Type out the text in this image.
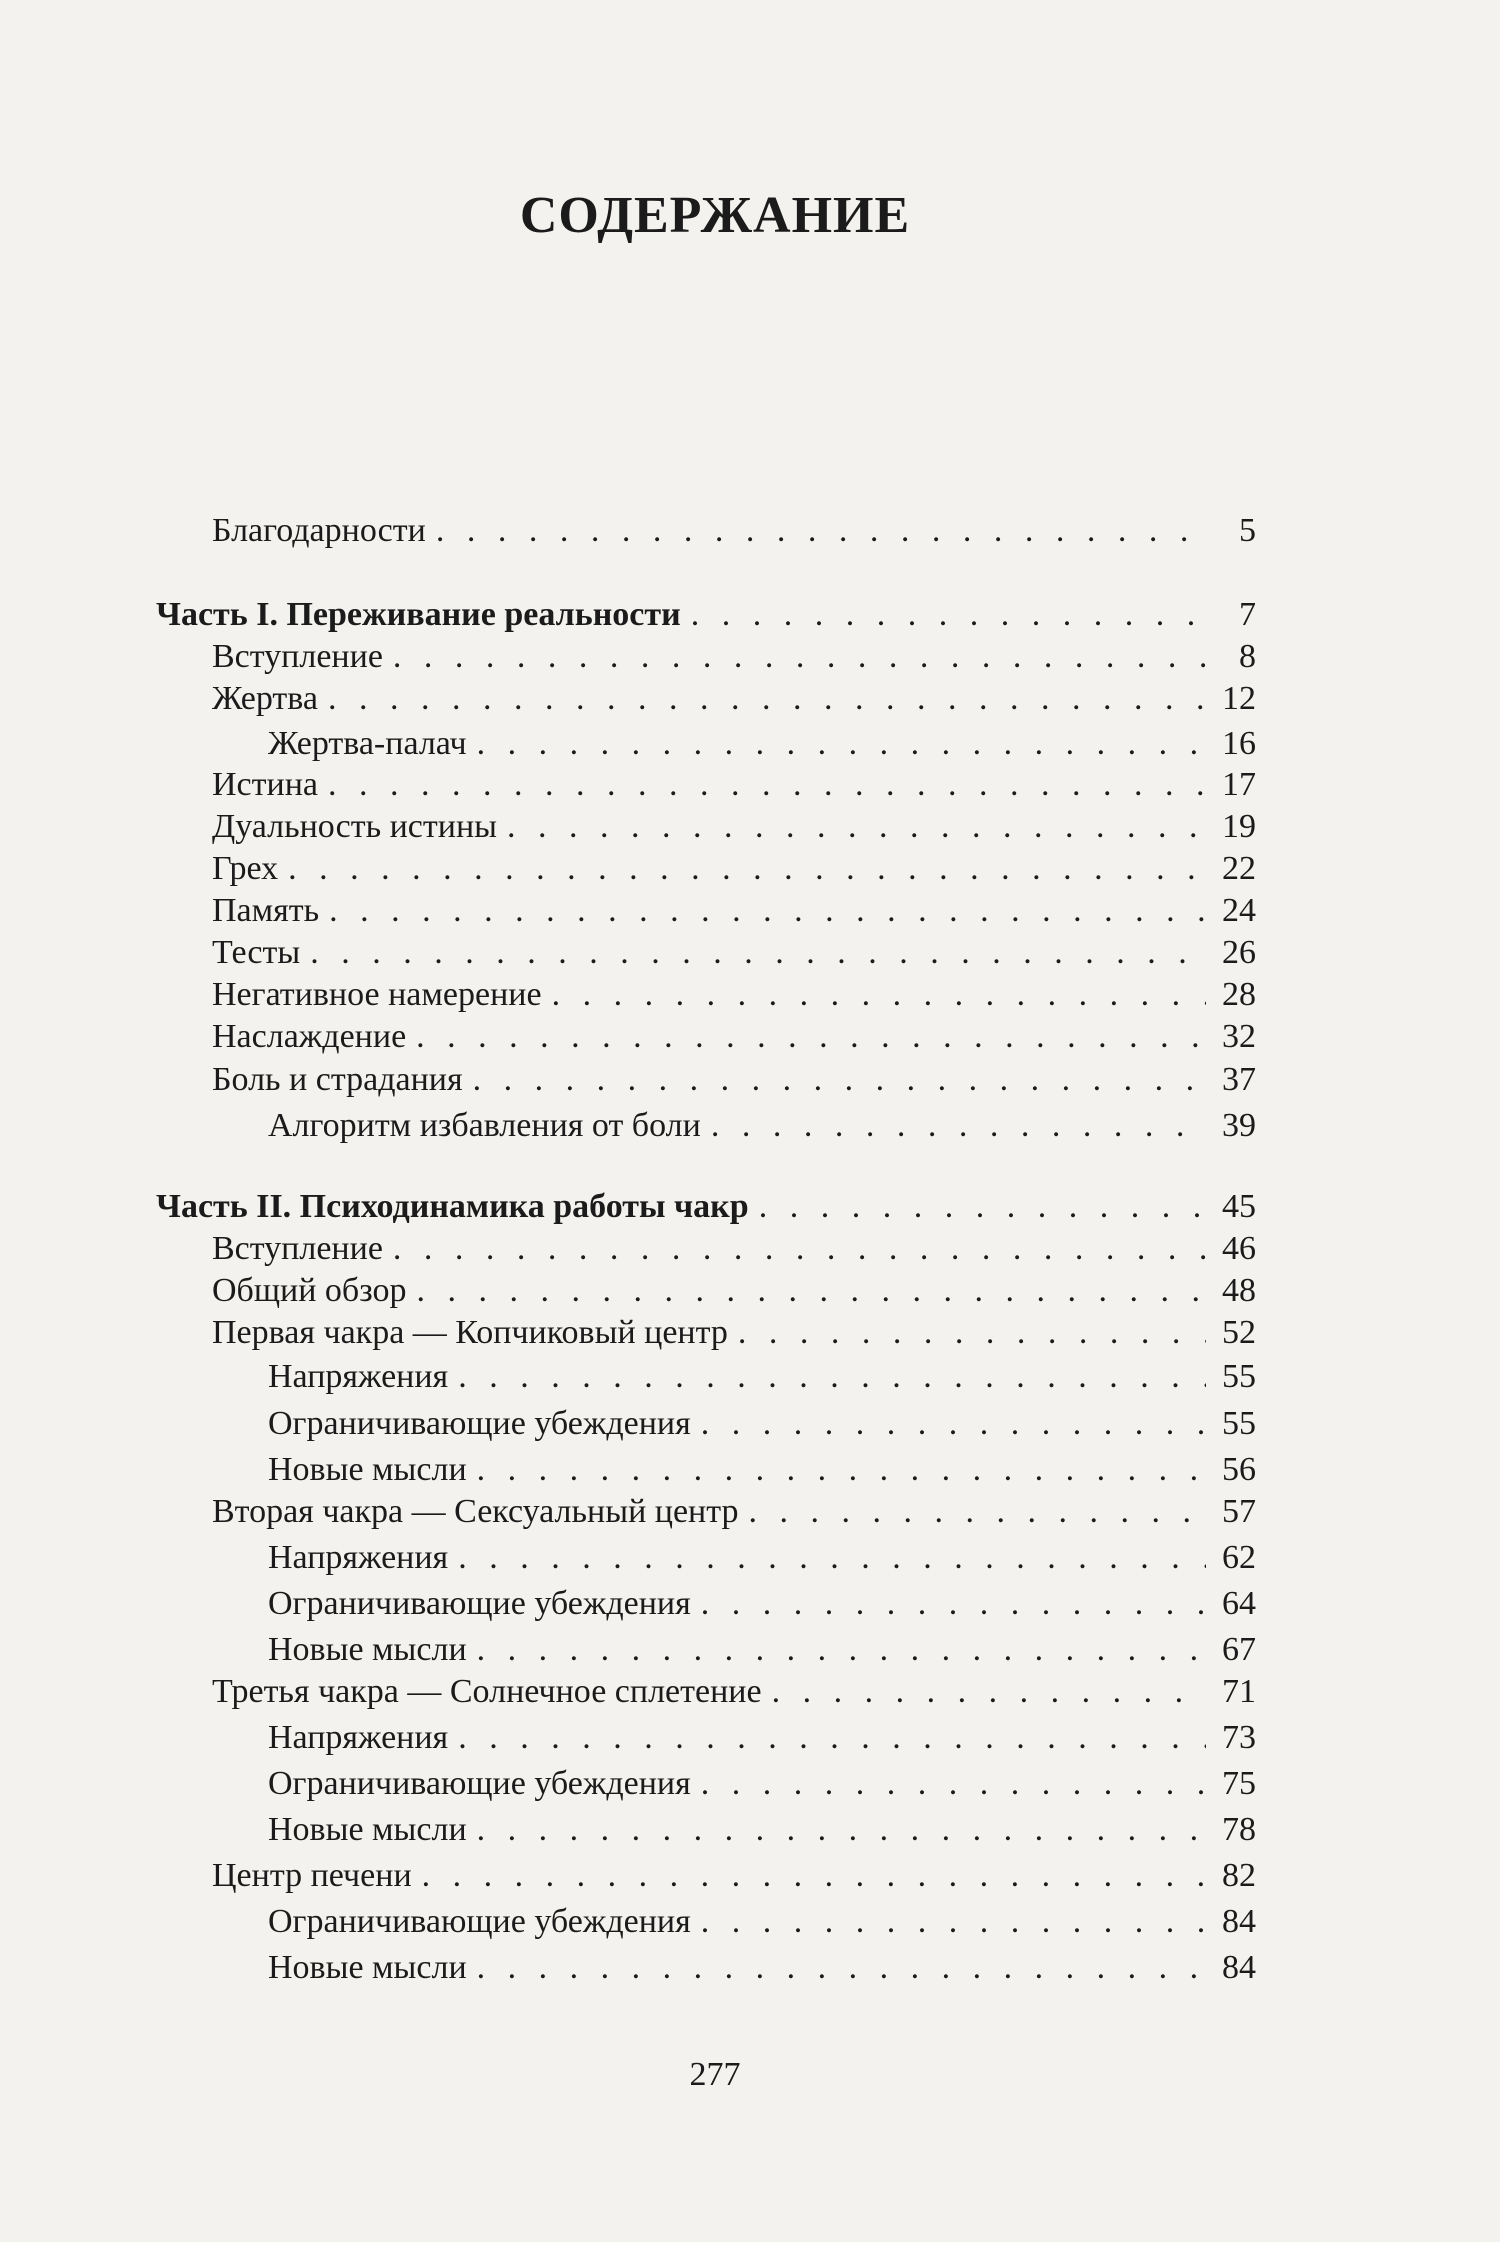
СОДЕРЖАНИЕ
Благодарности . . .	5
Часть I. Переживание реальности . . .	7
Вступление . . .	8
Жертва . . .	12
Жертва-палач . . .	16
Истина . . .	17
Дуальность истины . . .	19
Грех . . .	22
Память . . .	24
Тесты . . .	26
Негативное намерение . . .	28
Наслаждение . . .	32
Боль и страдания . . .	37
Алгоритм избавления от боли . . .	39
Часть II. Психодинамика работы чакр . . .	45
Вступление . . .	46
Общий обзор . . .	48
Первая чакра — Копчиковый центр . . .	52
Напряжения . . .	55
Ограничивающие убеждения . . .	55
Новые мысли . . .	56
Вторая чакра — Сексуальный центр . . .	57
Напряжения . . .	62
Ограничивающие убеждения . . .	64
Новые мысли . . .	67
Третья чакра — Солнечное сплетение . . .	71
Напряжения . . .	73
Ограничивающие убеждения . . .	75
Новые мысли . . .	78
Центр печени . . .	82
Ограничивающие убеждения . . .	84
Новые мысли . . .	84
277
